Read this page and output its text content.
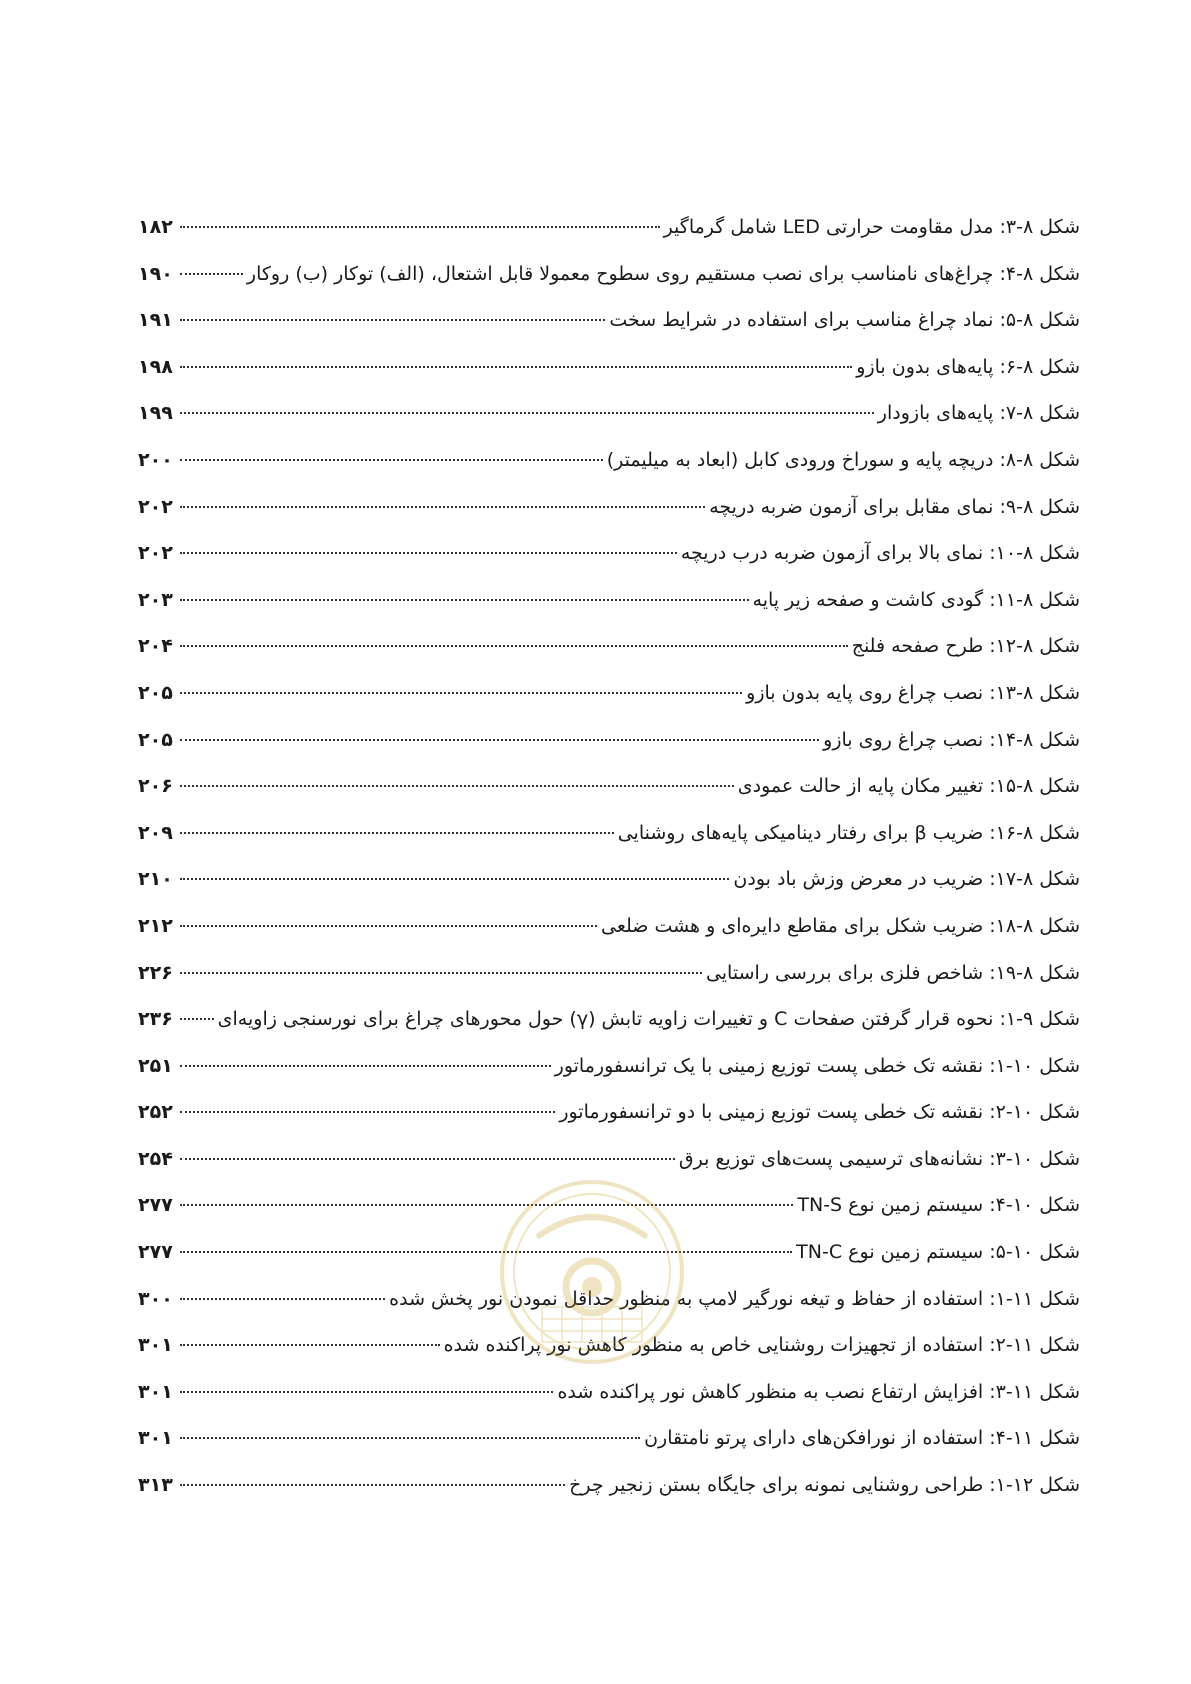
شکل ۸-۳: مدل مقاومت حرارتی LED شامل گرماگیر
۱۸۲
شکل ۸-۴: چراغ‌های نامناسب برای نصب مستقیم روی سطوح معمولا قابل اشتعال، (الف) توکار (ب) روکار
۱۹۰
شکل ۸-۵: نماد چراغ مناسب برای استفاده در شرایط سخت
۱۹۱
شکل ۸-۶: پایه‌های بدون بازو
۱۹۸
شکل ۸-۷: پایه‌های بازودار
۱۹۹
شکل ۸-۸: دریچه پایه و سوراخ ورودی کابل (ابعاد به میلیمتر)
۲۰۰
شکل ۸-۹: نمای مقابل برای آزمون ضربه دریچه
۲۰۲
شکل ۸-۱۰: نمای بالا برای آزمون ضربه درب دریچه
۲۰۲
شکل ۸-۱۱: گودی کاشت و صفحه زیر پایه
۲۰۳
شکل ۸-۱۲: طرح صفحه فلنج
۲۰۴
شکل ۸-۱۳: نصب چراغ روی پایه بدون بازو
۲۰۵
شکل ۸-۱۴: نصب چراغ روی بازو
۲۰۵
شکل ۸-۱۵: تغییر مکان پایه از حالت عمودی
۲۰۶
شکل ۸-۱۶: ضریب β برای رفتار دینامیکی پایه‌های روشنایی
۲۰۹
شکل ۸-۱۷: ضریب در معرض وزش باد بودن
۲۱۰
شکل ۸-۱۸: ضریب شکل برای مقاطع دایره‌ای و هشت ضلعی
۲۱۲
شکل ۸-۱۹: شاخص فلزی برای بررسی راستایی
۲۲۶
شکل ۹-۱: نحوه قرار گرفتن صفحات C و تغییرات زاویه تابش (γ) حول محورهای چراغ برای نورسنجی زاویه‌ای
۲۳۶
شکل ۱۰-۱: نقشه تک خطی پست توزیع زمینی با یک ترانسفورماتور
۲۵۱
شکل ۱۰-۲: نقشه تک خطی پست توزیع زمینی با دو ترانسفورماتور
۲۵۲
شکل ۱۰-۳: نشانه‌های ترسیمی پست‌های توزیع برق
۲۵۴
شکل ۱۰-۴: سیستم زمین نوع TN-S
۲۷۷
شکل ۱۰-۵: سیستم زمین نوع TN-C
۲۷۷
شکل ۱۱-۱: استفاده از حفاظ و تیغه نورگیر لامپ به منظور حداقل نمودن نور پخش شده
۳۰۰
شکل ۱۱-۲: استفاده از تجهیزات روشنایی خاص به منظور کاهش نور پراکنده شده
۳۰۱
شکل ۱۱-۳: افزایش ارتفاع نصب به منظور کاهش نور پراکنده شده
۳۰۱
شکل ۱۱-۴: استفاده از نورافکن‌های دارای پرتو نامتقارن
۳۰۱
شکل ۱۲-۱: طراحی روشنایی نمونه برای جایگاه بستن زنجیر چرخ
۳۱۳
